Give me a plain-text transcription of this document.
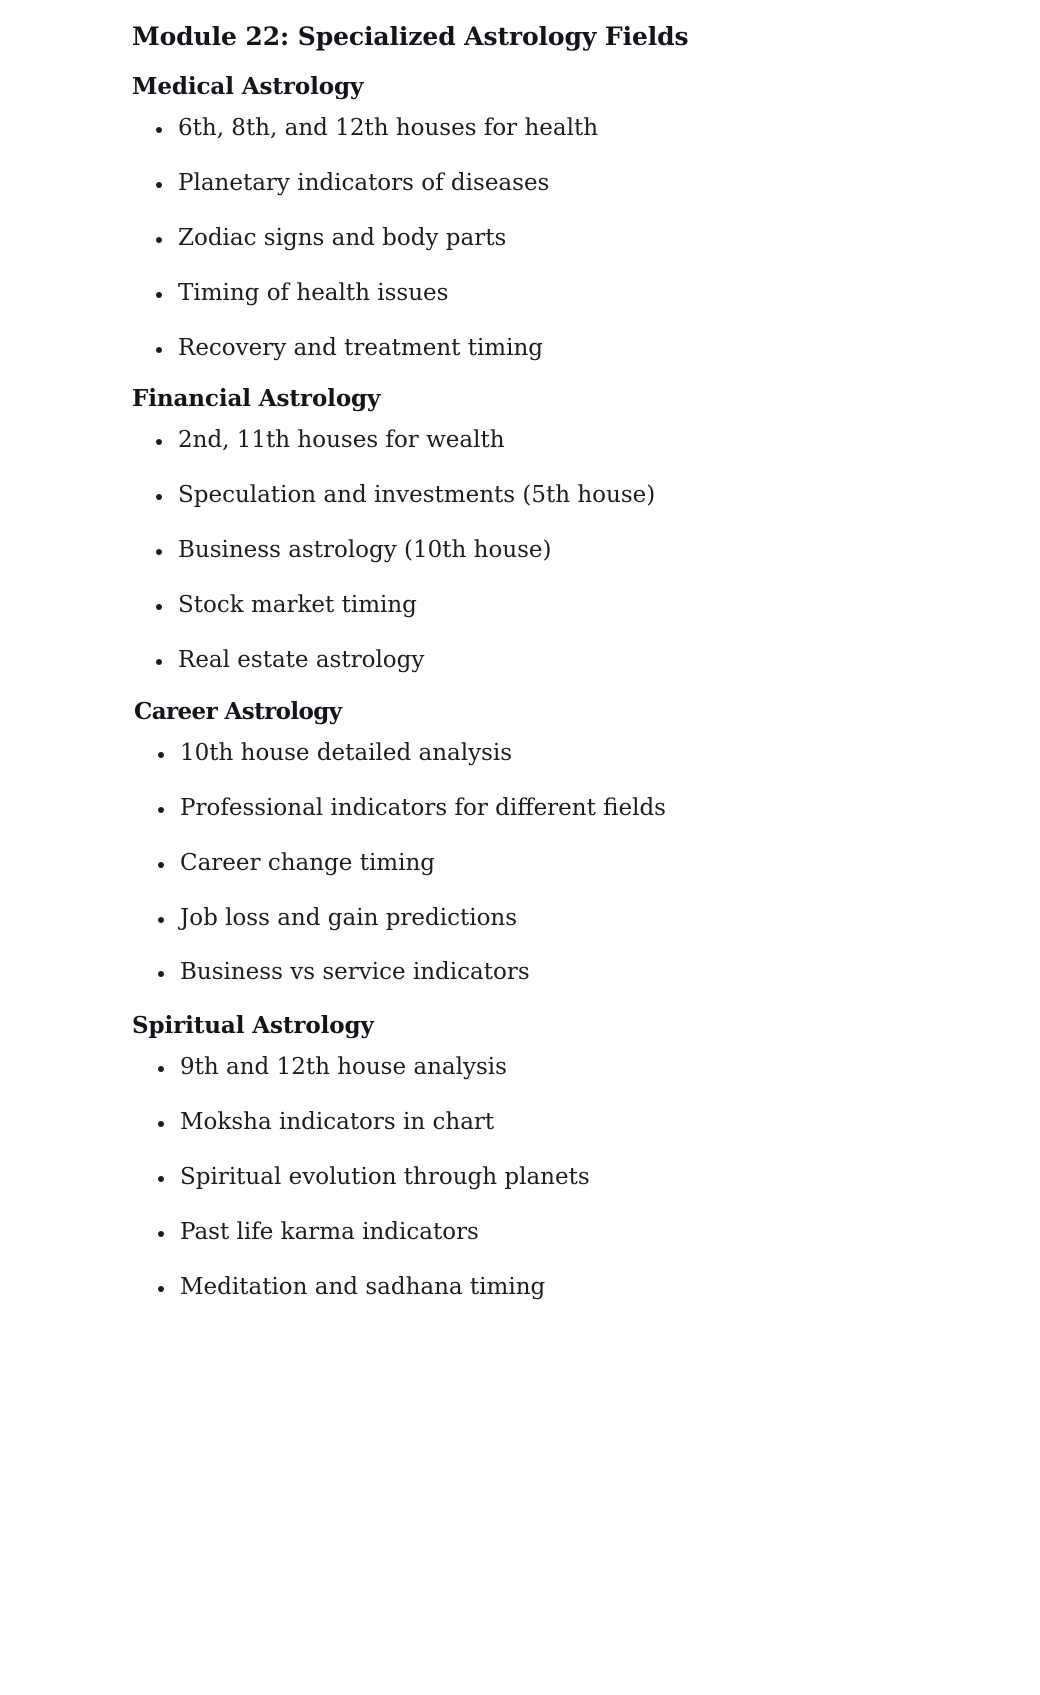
Module 22: Specialized Astrology Fields
Medical Astrology
6th, 8th, and 12th houses for health
Planetary indicators of diseases
Zodiac signs and body parts
Timing of health issues
Recovery and treatment timing
Financial Astrology
2nd, 11th houses for wealth
Speculation and investments (5th house)
Business astrology (10th house)
Stock market timing
Real estate astrology
Career Astrology
10th house detailed analysis
Professional indicators for different fields
Career change timing
Job loss and gain predictions
Business vs service indicators
Spiritual Astrology
9th and 12th house analysis
Moksha indicators in chart
Spiritual evolution through planets
Past life karma indicators
Meditation and sadhana timing
